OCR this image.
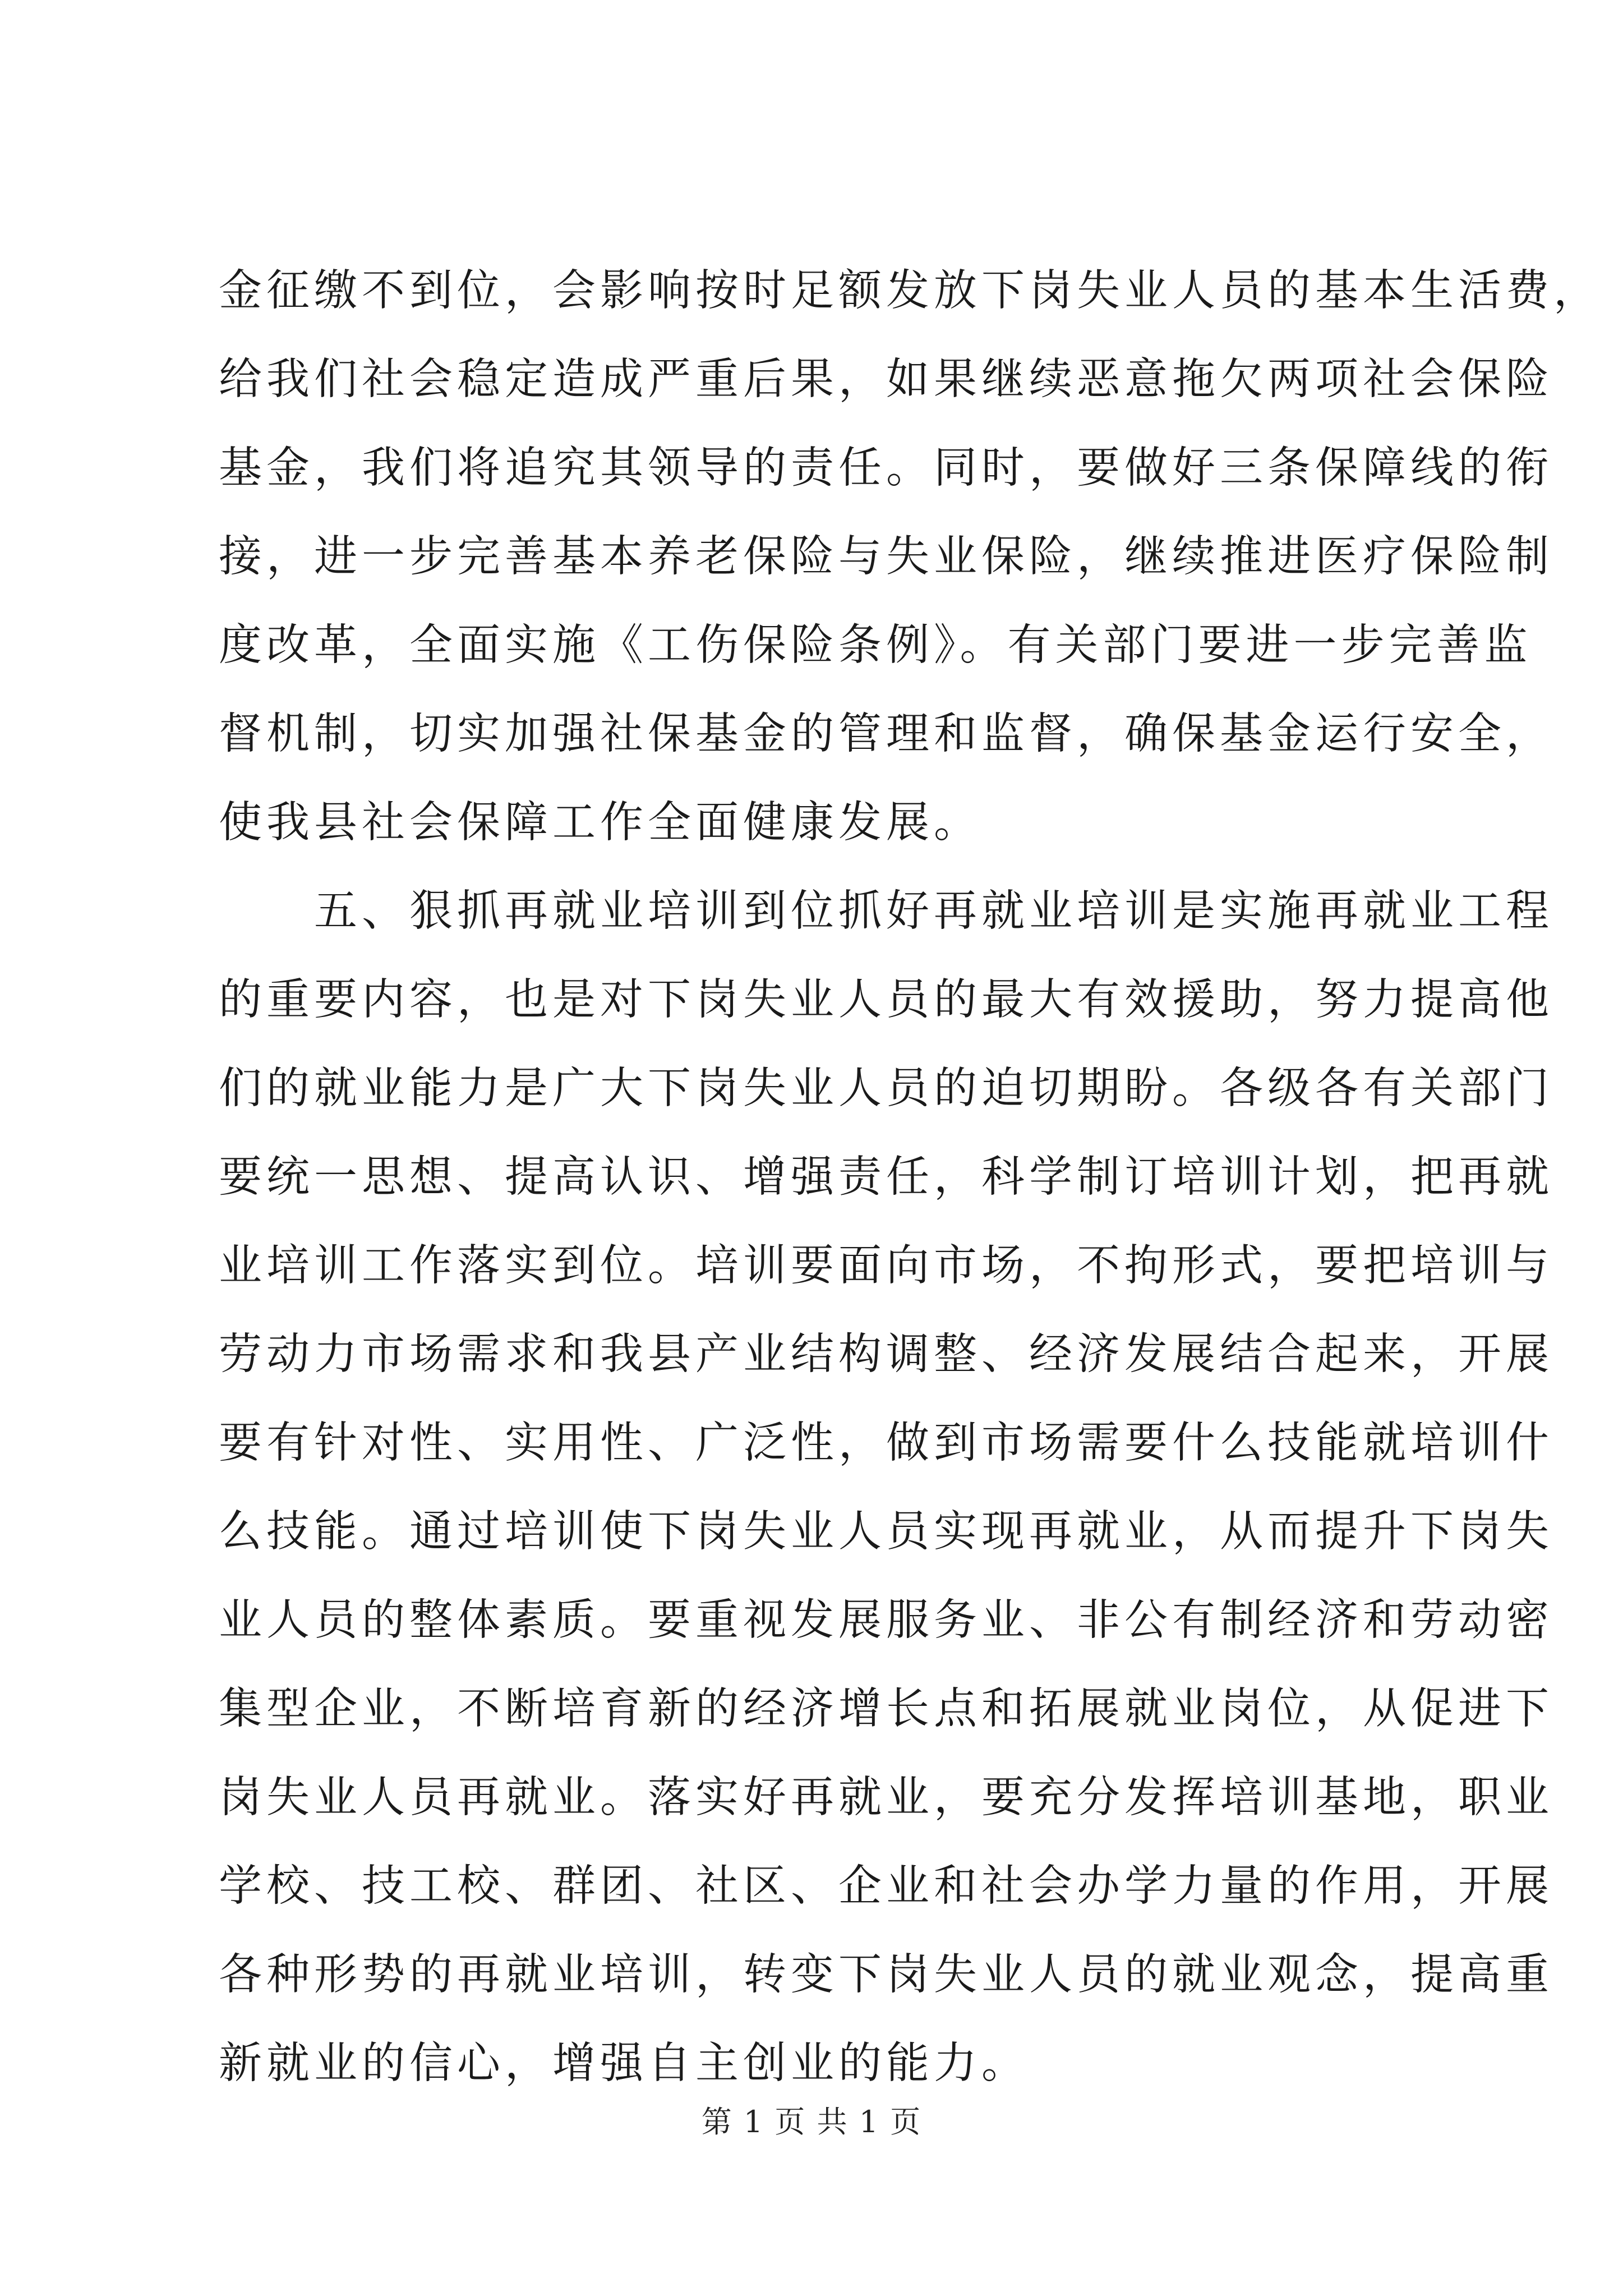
金征缴不到位，会影响按时足额发放下岗失业人员的基本生活费，
给我们社会稳定造成严重后果，如果继续恶意拖欠两项社会保险
基金，我们将追究其领导的责任。同时，要做好三条保障线的衔
接，进一步完善基本养老保险与失业保险，继续推进医疗保险制
度改革，全面实施《工伤保险条例》。有关部门要进一步完善监
督机制，切实加强社保基金的管理和监督，确保基金运行安全，
使我县社会保障工作全面健康发展。
五、狠抓再就业培训到位抓好再就业培训是实施再就业工程
的重要内容，也是对下岗失业人员的最大有效援助，努力提高他
们的就业能力是广大下岗失业人员的迫切期盼。各级各有关部门
要统一思想、提高认识、增强责任，科学制订培训计划，把再就
业培训工作落实到位。培训要面向市场，不拘形式，要把培训与
劳动力市场需求和我县产业结构调整、经济发展结合起来，开展
要有针对性、实用性、广泛性，做到市场需要什么技能就培训什
么技能。通过培训使下岗失业人员实现再就业，从而提升下岗失
业人员的整体素质。要重视发展服务业、非公有制经济和劳动密
集型企业，不断培育新的经济增长点和拓展就业岗位，从促进下
岗失业人员再就业。落实好再就业，要充分发挥培训基地，职业
学校、技工校、群团、社区、企业和社会办学力量的作用，开展
各种形势的再就业培训，转变下岗失业人员的就业观念，提高重
新就业的信心，增强自主创业的能力。
第 1 页 共 1 页
